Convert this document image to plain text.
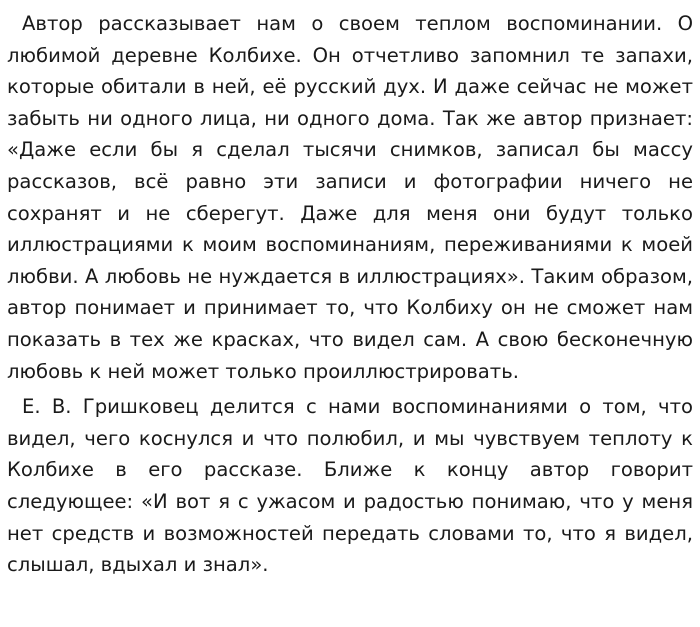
Автор рассказывает нам о своем теплом воспоминании. О любимой деревне Колбихе. Он отчетливо запомнил те запахи, которые обитали в ней, её русский дух. И даже сейчас не может забыть ни одного лица, ни одного дома. Так же автор признает: «Даже если бы я сделал тысячи снимков, записал бы массу рассказов, всё равно эти записи и фотографии ничего не сохранят и не сберегут. Даже для меня они будут только иллюстрациями к моим воспоминаниям, переживаниями к моей любви. А любовь не нуждается в иллюстрациях». Таким образом, автор понимает и принимает то, что Колбиху он не сможет нам показать в тех же красках, что видел сам. А свою бесконечную любовь к ней может только проиллюстрировать.

Е. В. Гришковец делится с нами воспоминаниями о том, что видел, чего коснулся и что полюбил, и мы чувствуем теплоту к Колбихе в его рассказе. Ближе к концу автор говорит следующее: «И вот я с ужасом и радостью понимаю, что у меня нет средств и возможностей передать словами то, что я видел, слышал, вдыхал и знал».
